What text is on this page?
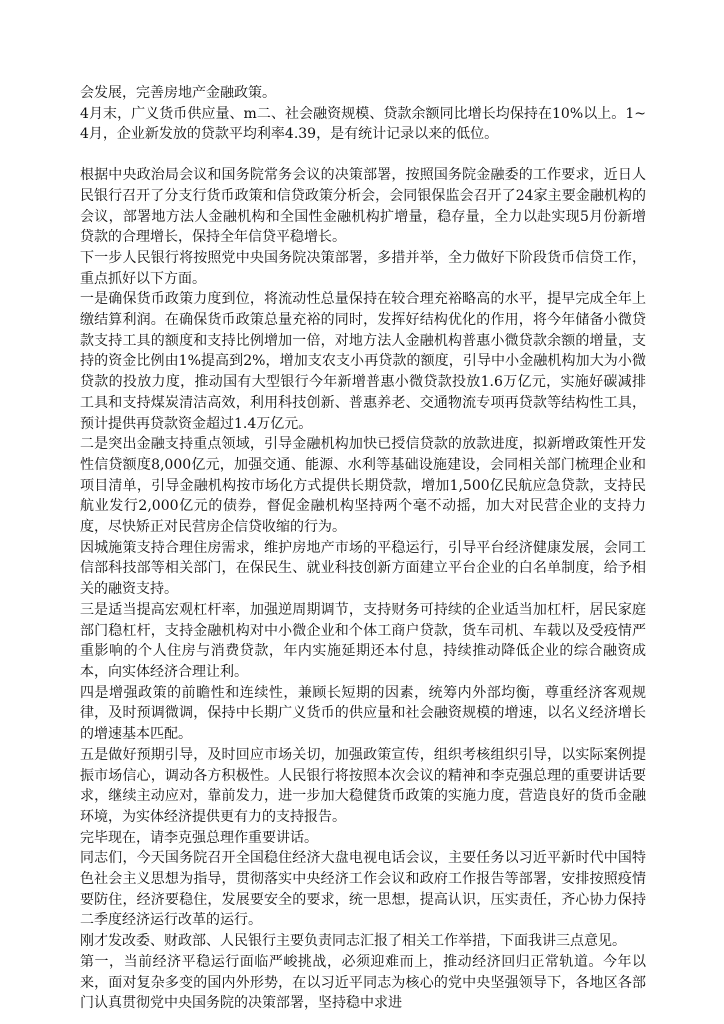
会发展，完善房地产金融政策。

4月末，广义货币供应量、m二、社会融资规模、贷款余额同比增长均保持在10%以上。1~4月，企业新发放的贷款平均利率4.39，是有统计记录以来的低位。

根据中央政治局会议和国务院常务会议的决策部署，按照国务院金融委的工作要求，近日人民银行召开了分支行货币政策和信贷政策分析会，会同银保监会召开了24家主要金融机构的会议，部署地方法人金融机构和全国性金融机构扩增量，稳存量，全力以赴实现5月份新增贷款的合理增长，保持全年信贷平稳增长。

下一步人民银行将按照党中央国务院决策部署，多措并举，全力做好下阶段货币信贷工作，重点抓好以下方面。

一是确保货币政策力度到位，将流动性总量保持在较合理充裕略高的水平，提早完成全年上缴结算利润。在确保货币政策总量充裕的同时，发挥好结构优化的作用，将今年储备小微贷款支持工具的额度和支持比例增加一倍，对地方法人金融机构普惠小微贷款余额的增量，支持的资金比例由1%提高到2%，增加支农支小再贷款的额度，引导中小金融机构加大为小微贷款的投放力度，推动国有大型银行今年新增普惠小微贷款投放1.6万亿元，实施好碳减排工具和支持煤炭清洁高效，利用科技创新、普惠养老、交通物流专项再贷款等结构性工具，预计提供再贷款资金超过1.4万亿元。

二是突出金融支持重点领域，引导金融机构加快已授信贷款的放款进度，拟新增政策性开发性信贷额度8,000亿元，加强交通、能源、水利等基础设施建设，会同相关部门梳理企业和项目清单，引导金融机构按市场化方式提供长期贷款，增加1,500亿民航应急贷款，支持民航业发行2,000亿元的债券，督促金融机构坚持两个毫不动摇，加大对民营企业的支持力度，尽快矫正对民营房企信贷收缩的行为。

因城施策支持合理住房需求，维护房地产市场的平稳运行，引导平台经济健康发展，会同工信部科技部等相关部门，在保民生、就业科技创新方面建立平台企业的白名单制度，给予相关的融资支持。

三是适当提高宏观杠杆率，加强逆周期调节，支持财务可持续的企业适当加杠杆，居民家庭部门稳杠杆，支持金融机构对中小微企业和个体工商户贷款，货车司机、车载以及受疫情严重影响的个人住房与消费贷款，年内实施延期还本付息，持续推动降低企业的综合融资成本，向实体经济合理让利。

四是增强政策的前瞻性和连续性，兼顾长短期的因素，统筹内外部均衡，尊重经济客观规律，及时预调微调，保持中长期广义货币的供应量和社会融资规模的增速，以名义经济增长的增速基本匹配。

五是做好预期引导，及时回应市场关切，加强政策宣传，组织考核组织引导，以实际案例提振市场信心，调动各方积极性。人民银行将按照本次会议的精神和李克强总理的重要讲话要求，继续主动应对，靠前发力，进一步加大稳健货币政策的实施力度，营造良好的货币金融环境，为实体经济提供更有力的支持报告。

完毕现在，请李克强总理作重要讲话。

同志们，今天国务院召开全国稳住经济大盘电视电话会议，主要任务以习近平新时代中国特色社会主义思想为指导，贯彻落实中央经济工作会议和政府工作报告等部署，安排按照疫情要防住，经济要稳住，发展要安全的要求，统一思想，提高认识，压实责任，齐心协力保持二季度经济运行改革的运行。

刚才发改委、财政部、人民银行主要负责同志汇报了相关工作举措，下面我讲三点意见。

第一，当前经济平稳运行面临严峻挑战，必须迎难而上，推动经济回归正常轨道。今年以来，面对复杂多变的国内外形势，在以习近平同志为核心的党中央坚强领导下，各地区各部门认真贯彻党中央国务院的决策部署，坚持稳中求进
